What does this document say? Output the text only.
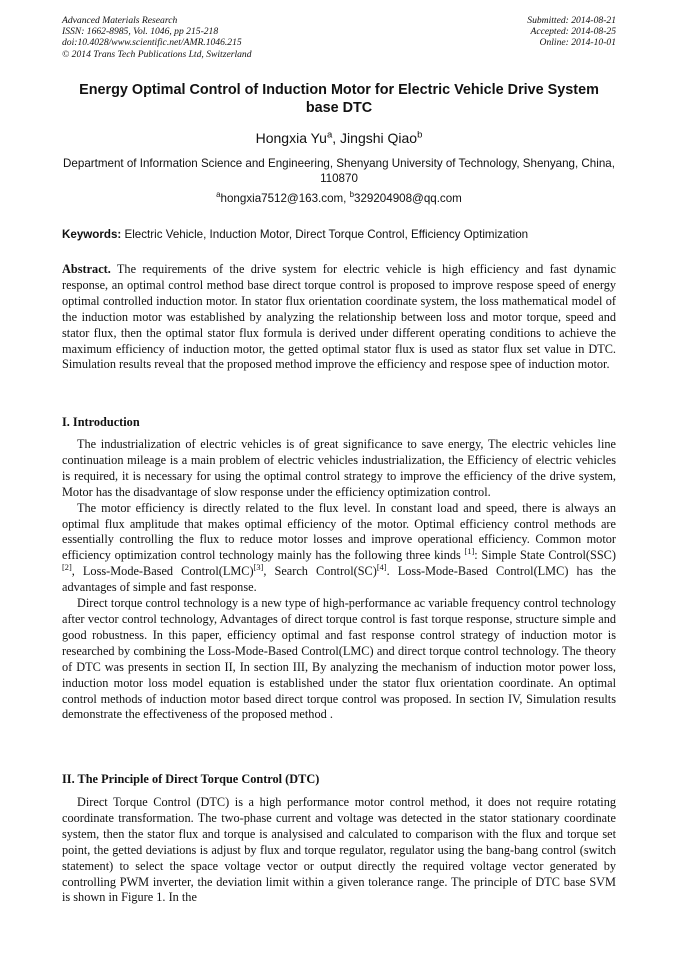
Advanced Materials Research
ISSN: 1662-8985, Vol. 1046, pp 215-218
doi:10.4028/www.scientific.net/AMR.1046.215
© 2014 Trans Tech Publications Ltd, Switzerland
Submitted: 2014-08-21
Accepted: 2014-08-25
Online: 2014-10-01
Energy Optimal Control of Induction Motor for Electric Vehicle Drive System base DTC
Hongxia Yu$^a$, Jingshi Qiao$^b$
Department of Information Science and Engineering, Shenyang University of Technology, Shenyang, China, 110870
$^a$hongxia7512@163.com, $^b$329204908@qq.com
Keywords: Electric Vehicle, Induction Motor, Direct Torque Control, Efficiency Optimization

Abstract. The requirements of the drive system for electric vehicle is high efficiency and fast dynamic response, an optimal control method base direct torque control is proposed to improve respose speed of energy optimal controlled induction motor. In stator flux orientation coordinate system, the loss mathematical model of the induction motor was established by analyzing the relationship between loss and motor torque, speed and stator flux, then the optimal stator flux formula is derived under different operating conditions to achieve the maximum efficiency of induction motor, the getted optimal stator flux is used as stator flux set value in DTC. Simulation results reveal that the proposed method improve the efficiency and respose spee of induction motor.

I. Introduction

The industrialization of electric vehicles is of great significance to save energy, The electric vehicles line continuation mileage is a main problem of electric vehicles industrialization, the Efficiency of electric vehicles is required, it is necessary for using the optimal control strategy to improve the efficiency of the drive system, Motor has the disadvantage of slow response under the efficiency optimization control.

The motor efficiency is directly related to the flux level. In constant load and speed, there is always an optimal flux amplitude that makes optimal efficiency of the motor. Optimal efficiency control methods are essentially controlling the flux to reduce motor losses and improve operational efficiency. Common motor efficiency optimization control technology mainly has the following three kinds [1]: Simple State Control(SSC)[2], Loss-Mode-Based Control(LMC)[3], Search Control(SC)[4]. Loss-Mode-Based Control(LMC) has the advantages of simple and fast response.

Direct torque control technology is a new type of high-performance ac variable frequency control technology after vector control technology, Advantages of direct torque control is fast torque response, structure simple and good robustness. In this paper, efficiency optimal and fast response control strategy of induction motor is researched by combining the Loss-Mode-Based Control(LMC) and direct torque control technology. The theory of DTC was presents in section II, In section III, By analyzing the mechanism of induction motor power loss, induction motor loss model equation is established under the stator flux orientation coordinate. An optimal control methods of induction motor based direct torque control was proposed. In section IV, Simulation results demonstrate the effectiveness of the proposed method .

II. The Principle of Direct Torque Control (DTC)

Direct Torque Control (DTC) is a high performance motor control method, it does not require rotating coordinate transformation. The two-phase current and voltage was detected in the stator stationary coordinate system, then the stator flux and torque is analysised and calculated to comparison with the flux and torque set point, the getted deviations is adjust by flux and torque regulator, regulator using the bang-bang control (switch statement) to select the space voltage vector or output directly the required voltage vector generated by controlling PWM inverter, the deviation limit within a given tolerance range. The principle of DTC base SVM is shown in Figure 1. In the
